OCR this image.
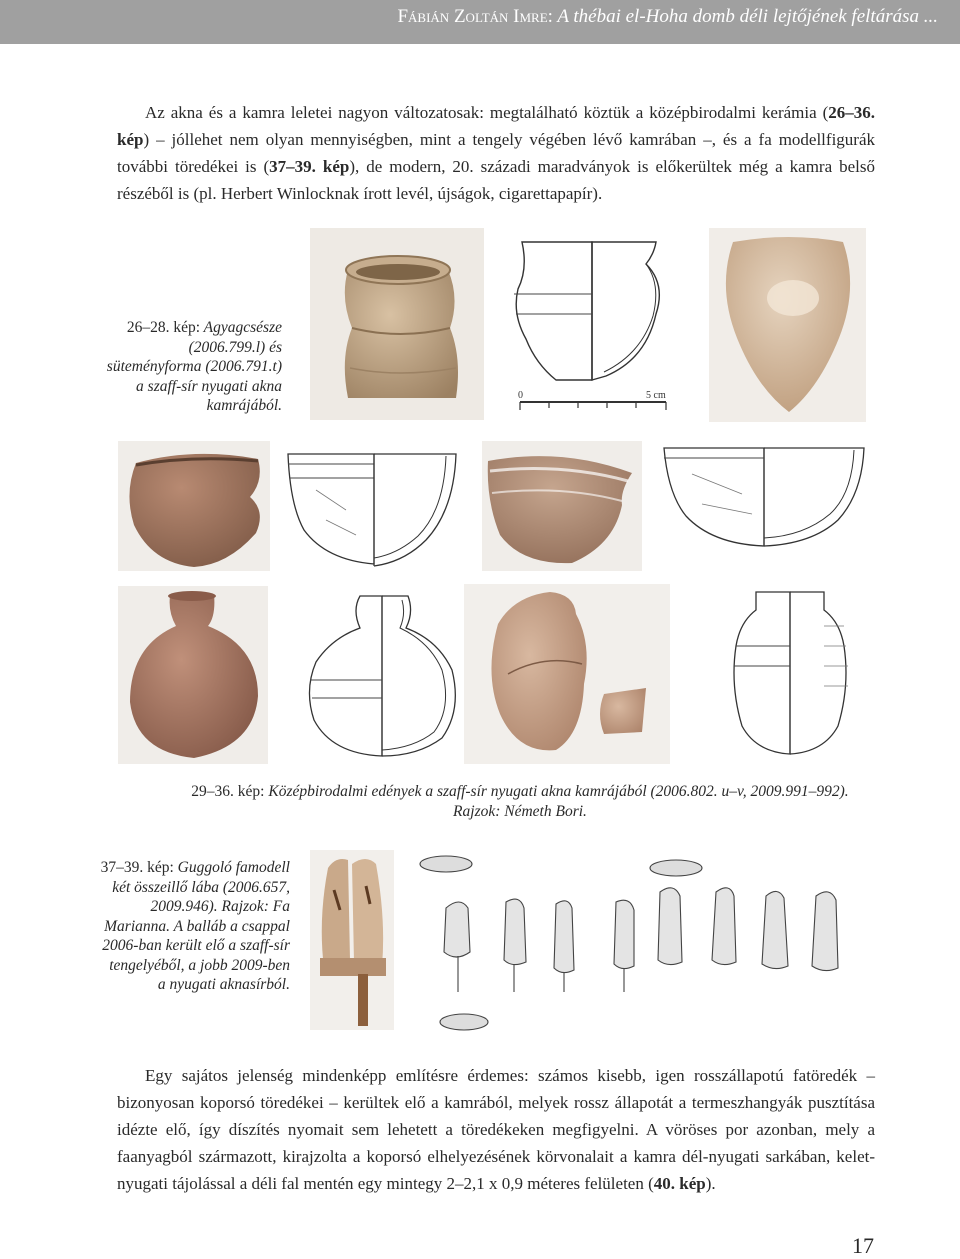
Fábián Zoltán Imre: A thébai el-Hoha domb déli lejtőjének feltárása ...

Az akna és a kamra leletei nagyon változatosak: megtalálható köztük a középbirodalmi kerámia (26–36. kép) – jóllehet nem olyan mennyiségben, mint a tengely végében lévő kamrában –, és a fa modellfigurák további töredékei is (37–39. kép), de modern, 20. századi maradványok is előkerültek még a kamra belső részéből is (pl. Herbert Winlocknak írott levél, újságok, cigarettapapír).

26–28. kép: Agyagcsésze (2006.799.l) és süteményforma (2006.791.t) a szaff-sír nyugati akna kamrájából.

0	5 cm

29–36. kép: Középbirodalmi edények a szaff-sír nyugati akna kamrájából (2006.802. u–v, 2009.991–992).
Rajzok: Németh Bori.

37–39. kép: Guggoló famodell két összeillő lába (2006.657, 2009.946). Rajzok: Fa Marianna. A balláb a csappal 2006-ban került elő a szaff-sír tengelyéből, a jobb 2009-ben a nyugati aknasírból.

Egy sajátos jelenség mindenképp említésre érdemes: számos kisebb, igen rosszállapotú fatöredék – bizonyosan koporsó töredékei – kerültek elő a kamrából, melyek rossz állapotát a termeszhangyák pusztítása idézte elő, így díszítés nyomait sem lehetett a töredékeken megfigyelni. A vöröses por azonban, mely a faanyagból származott, kirajzolta a koporsó elhelyezésének körvonalait a kamra dél-nyugati sarkában, kelet-nyugati tájolással a déli fal mentén egy mintegy 2–2,1 x 0,9 méteres felületen (40. kép).

17
